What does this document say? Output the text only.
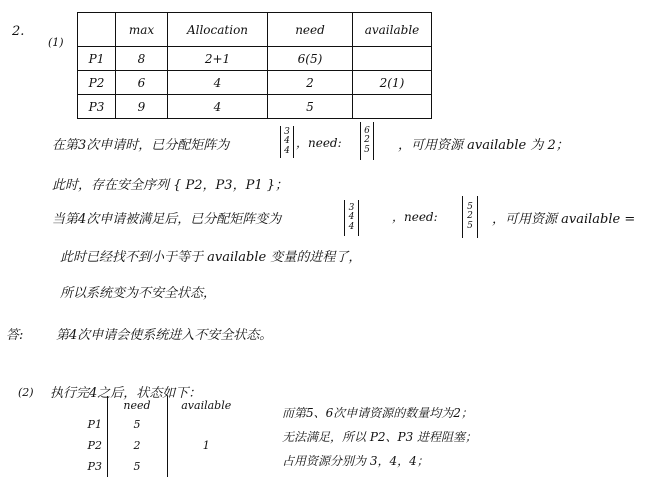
2.
(1)
	max	Allocation	need	available
P1	8	2+1	6(5)	
P2	6	4	2	2(1)
P3	9	4	5	
在第3次申请时，已分配矩阵为
3
4
4
，need:
6
2
5 ，可用资源 available 为 2；
此时，存在安全序列 { P2，P3，P1 }；
当第4次申请被满足后，已分配矩阵变为
3
4
4
，need:
5
2
5 ，可用资源 available =
此时已经找不到小于等于 available 变量的进程了，
所以系统变为不安全状态，
答:	第4次申请会使系统进入不安全状态。
(2) 执行完4之后，状态如下：
	need	available
P1	5	
P2	2	1
P3	5	
而第5、6次申请资源的数量均为2；
无法满足，所以 P2、P3 进程阻塞；
占用资源分别为 3，4，4；
